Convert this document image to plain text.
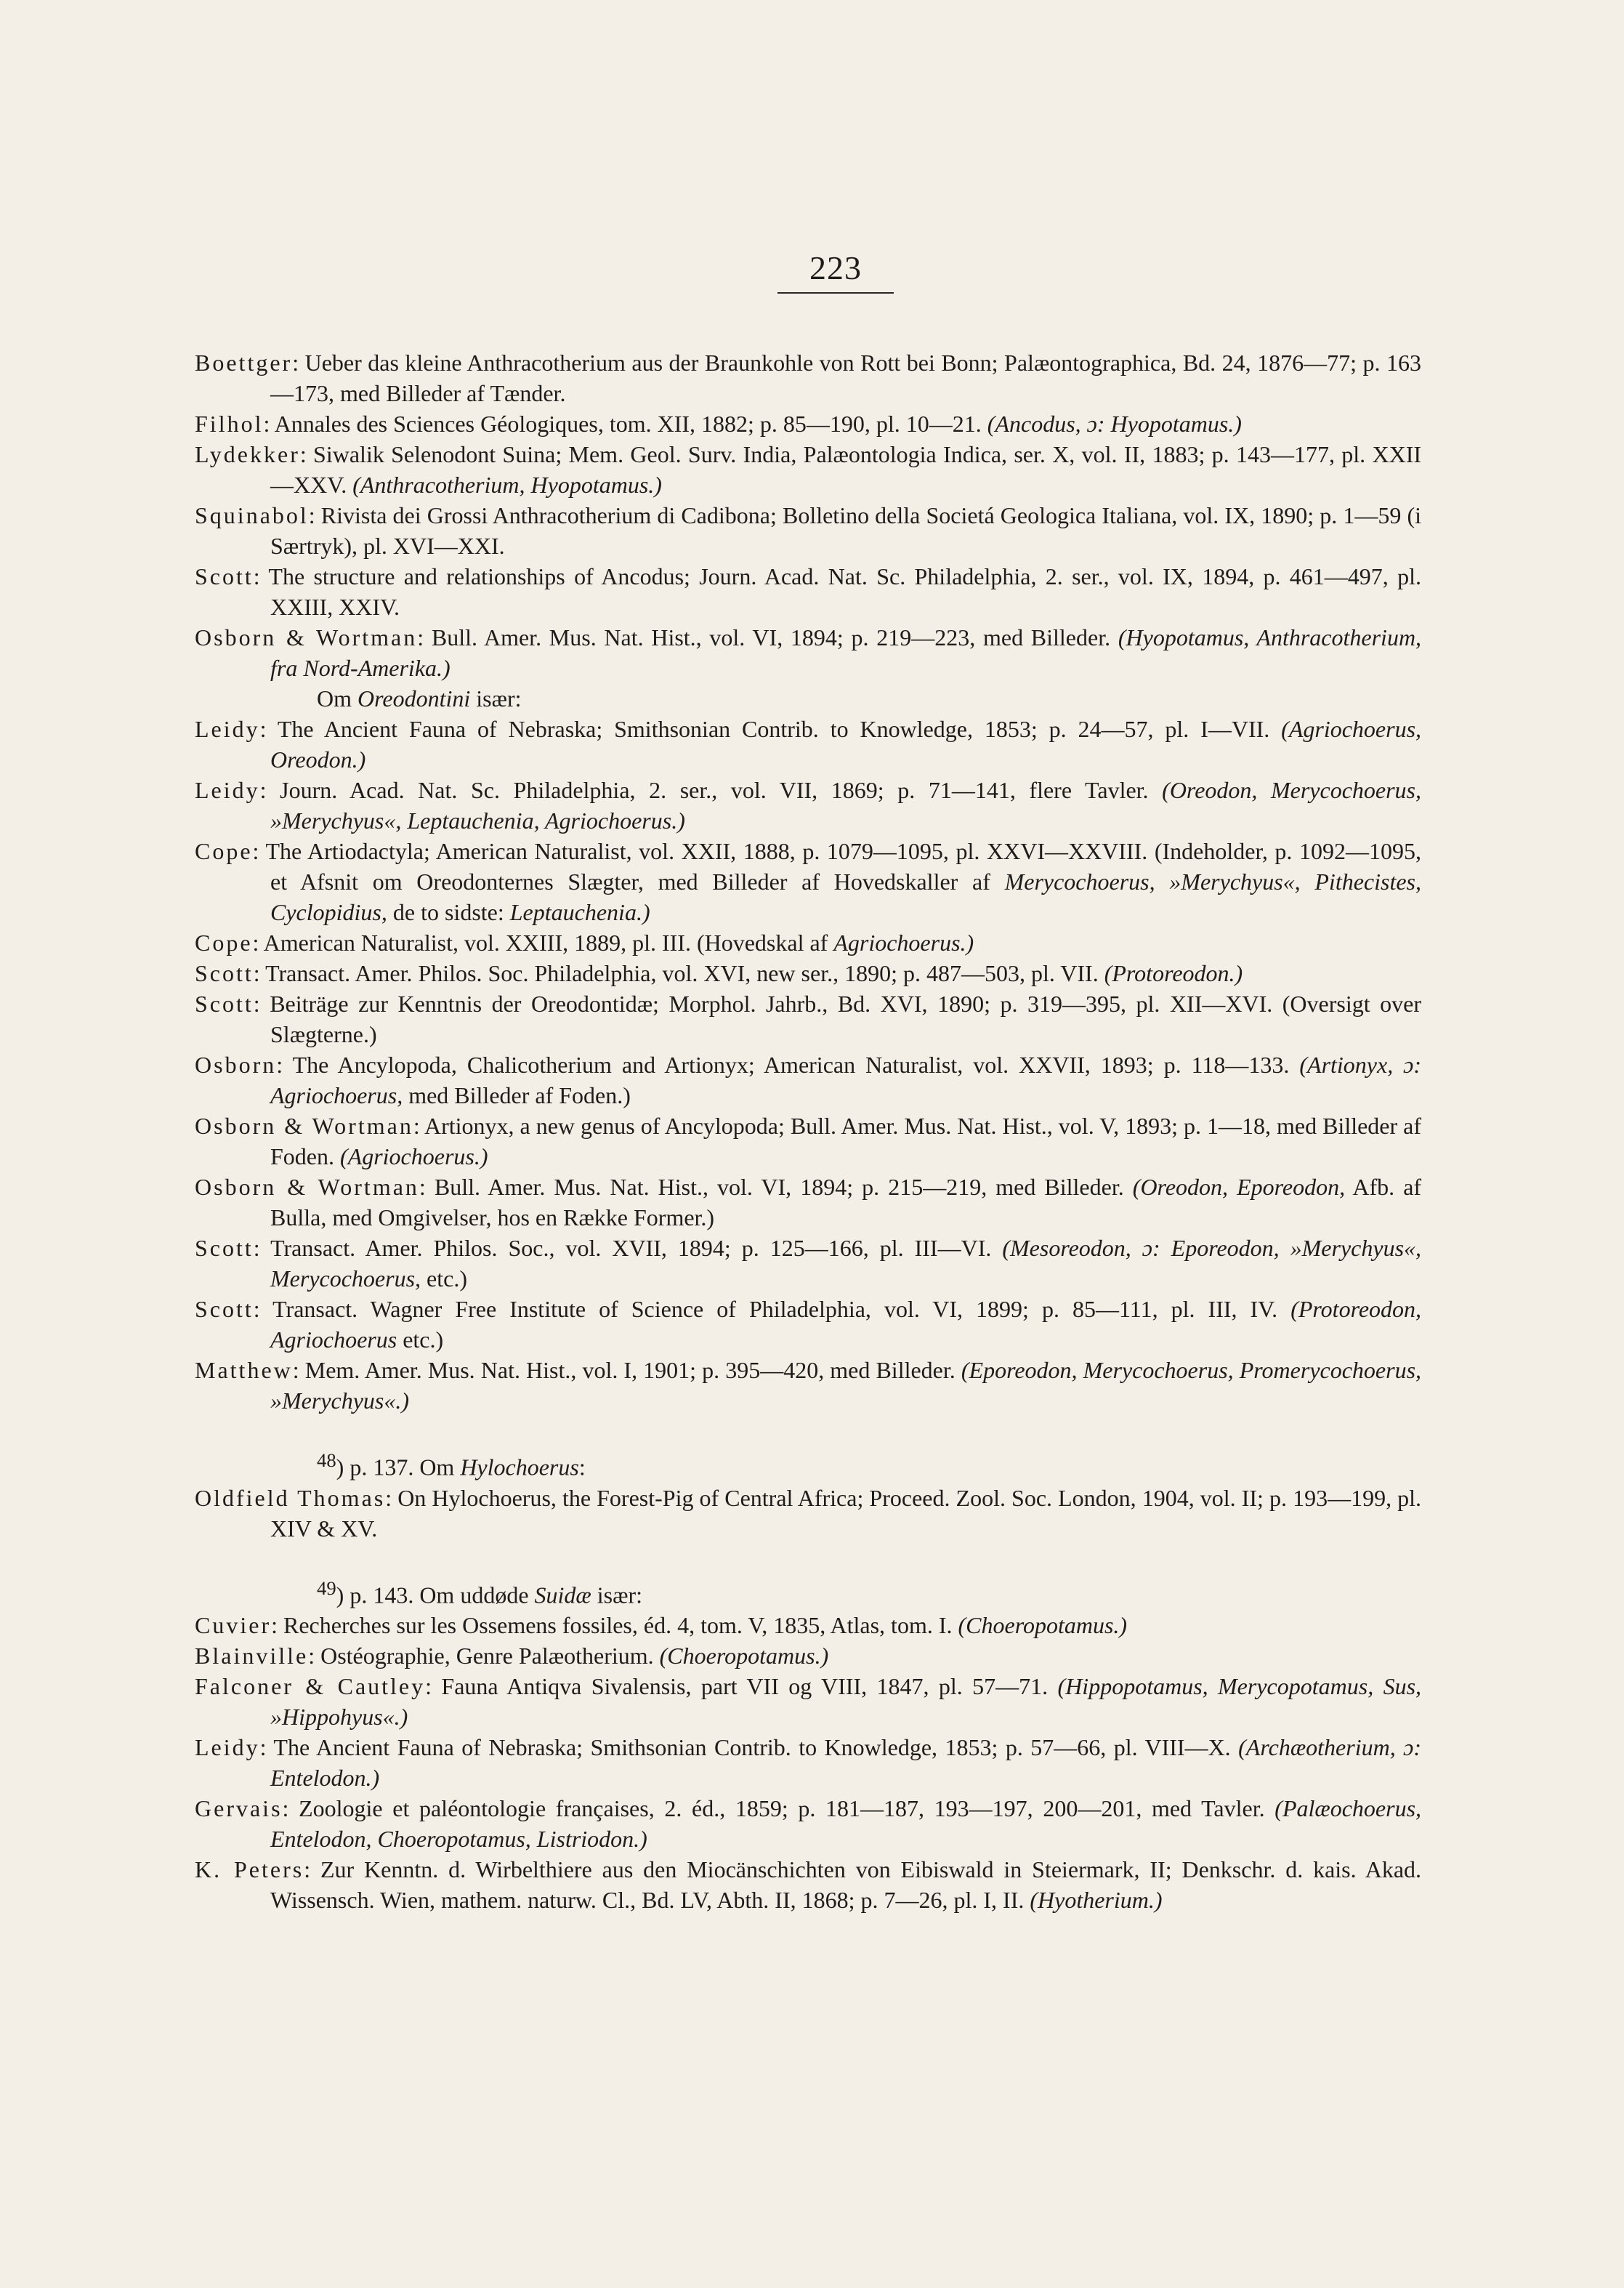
223
Boettger: Ueber das kleine Anthracotherium aus der Braunkohle von Rott bei Bonn; Palæontographica, Bd. 24, 1876—77; p. 163—173, med Billeder af Tænder.
Filhol: Annales des Sciences Géologiques, tom. XII, 1882; p. 85—190, pl. 10—21. (Ancodus, ɔ: Hyopotamus.)
Lydekker: Siwalik Selenodont Suina; Mem. Geol. Surv. India, Palæontologia Indica, ser. X, vol. II, 1883; p. 143—177, pl. XXII—XXV. (Anthracotherium, Hyopotamus.)
Squinabol: Rivista dei Grossi Anthracotherium di Cadibona; Bolletino della Societá Geologica Italiana, vol. IX, 1890; p. 1—59 (i Særtryk), pl. XVI—XXI.
Scott: The structure and relationships of Ancodus; Journ. Acad. Nat. Sc. Philadelphia, 2. ser., vol. IX, 1894, p. 461—497, pl. XXIII, XXIV.
Osborn & Wortman: Bull. Amer. Mus. Nat. Hist., vol. VI, 1894; p. 219—223, med Billeder. (Hyopotamus, Anthracotherium, fra Nord-Amerika.)
Om Oreodontini især:
Leidy: The Ancient Fauna of Nebraska; Smithsonian Contrib. to Knowledge, 1853; p. 24—57, pl. I—VII. (Agriochoerus, Oreodon.)
Leidy: Journ. Acad. Nat. Sc. Philadelphia, 2. ser., vol. VII, 1869; p. 71—141, flere Tavler. (Oreodon, Merycochoerus, »Merychyus«, Leptauchenia, Agriochoerus.)
Cope: The Artiodactyla; American Naturalist, vol. XXII, 1888, p. 1079—1095, pl. XXVI—XXVIII. (Indeholder, p. 1092—1095, et Afsnit om Oreodonternes Slægter, med Billeder af Hovedskaller af Merycochoerus, »Merychyus«, Pithecistes, Cyclopidius, de to sidste: Leptauchenia.)
Cope: American Naturalist, vol. XXIII, 1889, pl. III. (Hovedskal af Agriochoerus.)
Scott: Transact. Amer. Philos. Soc. Philadelphia, vol. XVI, new ser., 1890; p. 487—503, pl. VII. (Protoreodon.)
Scott: Beiträge zur Kenntnis der Oreodontidæ; Morphol. Jahrb., Bd. XVI, 1890; p. 319—395, pl. XII—XVI. (Oversigt over Slægterne.)
Osborn: The Ancylopoda, Chalicotherium and Artionyx; American Naturalist, vol. XXVII, 1893; p. 118—133. (Artionyx, ɔ: Agriochoerus, med Billeder af Foden.)
Osborn & Wortman: Artionyx, a new genus of Ancylopoda; Bull. Amer. Mus. Nat. Hist., vol. V, 1893; p. 1—18, med Billeder af Foden. (Agriochoerus.)
Osborn & Wortman: Bull. Amer. Mus. Nat. Hist., vol. VI, 1894; p. 215—219, med Billeder. (Oreodon, Eporeodon, Afb. af Bulla, med Omgivelser, hos en Række Former.)
Scott: Transact. Amer. Philos. Soc., vol. XVII, 1894; p. 125—166, pl. III—VI. (Mesoreodon, ɔ: Eporeodon, »Merychyus«, Merycochoerus, etc.)
Scott: Transact. Wagner Free Institute of Science of Philadelphia, vol. VI, 1899; p. 85—111, pl. III, IV. (Protoreodon, Agriochoerus etc.)
Matthew: Mem. Amer. Mus. Nat. Hist., vol. I, 1901; p. 395—420, med Billeder. (Eporeodon, Merycochoerus, Promerycochoerus, »Merychyus«.)
$^{48}$) p. 137. Om Hylochoerus:
Oldfield Thomas: On Hylochoerus, the Forest-Pig of Central Africa; Proceed. Zool. Soc. London, 1904, vol. II; p. 193—199, pl. XIV & XV.
$^{49}$) p. 143. Om uddøde Suidæ især:
Cuvier: Recherches sur les Ossemens fossiles, éd. 4, tom. V, 1835, Atlas, tom. I. (Choeropotamus.)
Blainville: Ostéographie, Genre Palæotherium. (Choeropotamus.)
Falconer & Cautley: Fauna Antiqva Sivalensis, part VII og VIII, 1847, pl. 57—71. (Hippopotamus, Merycopotamus, Sus, »Hippohyus«.)
Leidy: The Ancient Fauna of Nebraska; Smithsonian Contrib. to Knowledge, 1853; p. 57—66, pl. VIII—X. (Archæotherium, ɔ: Entelodon.)
Gervais: Zoologie et paléontologie françaises, 2. éd., 1859; p. 181—187, 193—197, 200—201, med Tavler. (Palæochoerus, Entelodon, Choeropotamus, Listriodon.)
K. Peters: Zur Kenntn. d. Wirbelthiere aus den Miocänschichten von Eibiswald in Steiermark, II; Denkschr. d. kais. Akad. Wissensch. Wien, mathem. naturw. Cl., Bd. LV, Abth. II, 1868; p. 7—26, pl. I, II. (Hyotherium.)
